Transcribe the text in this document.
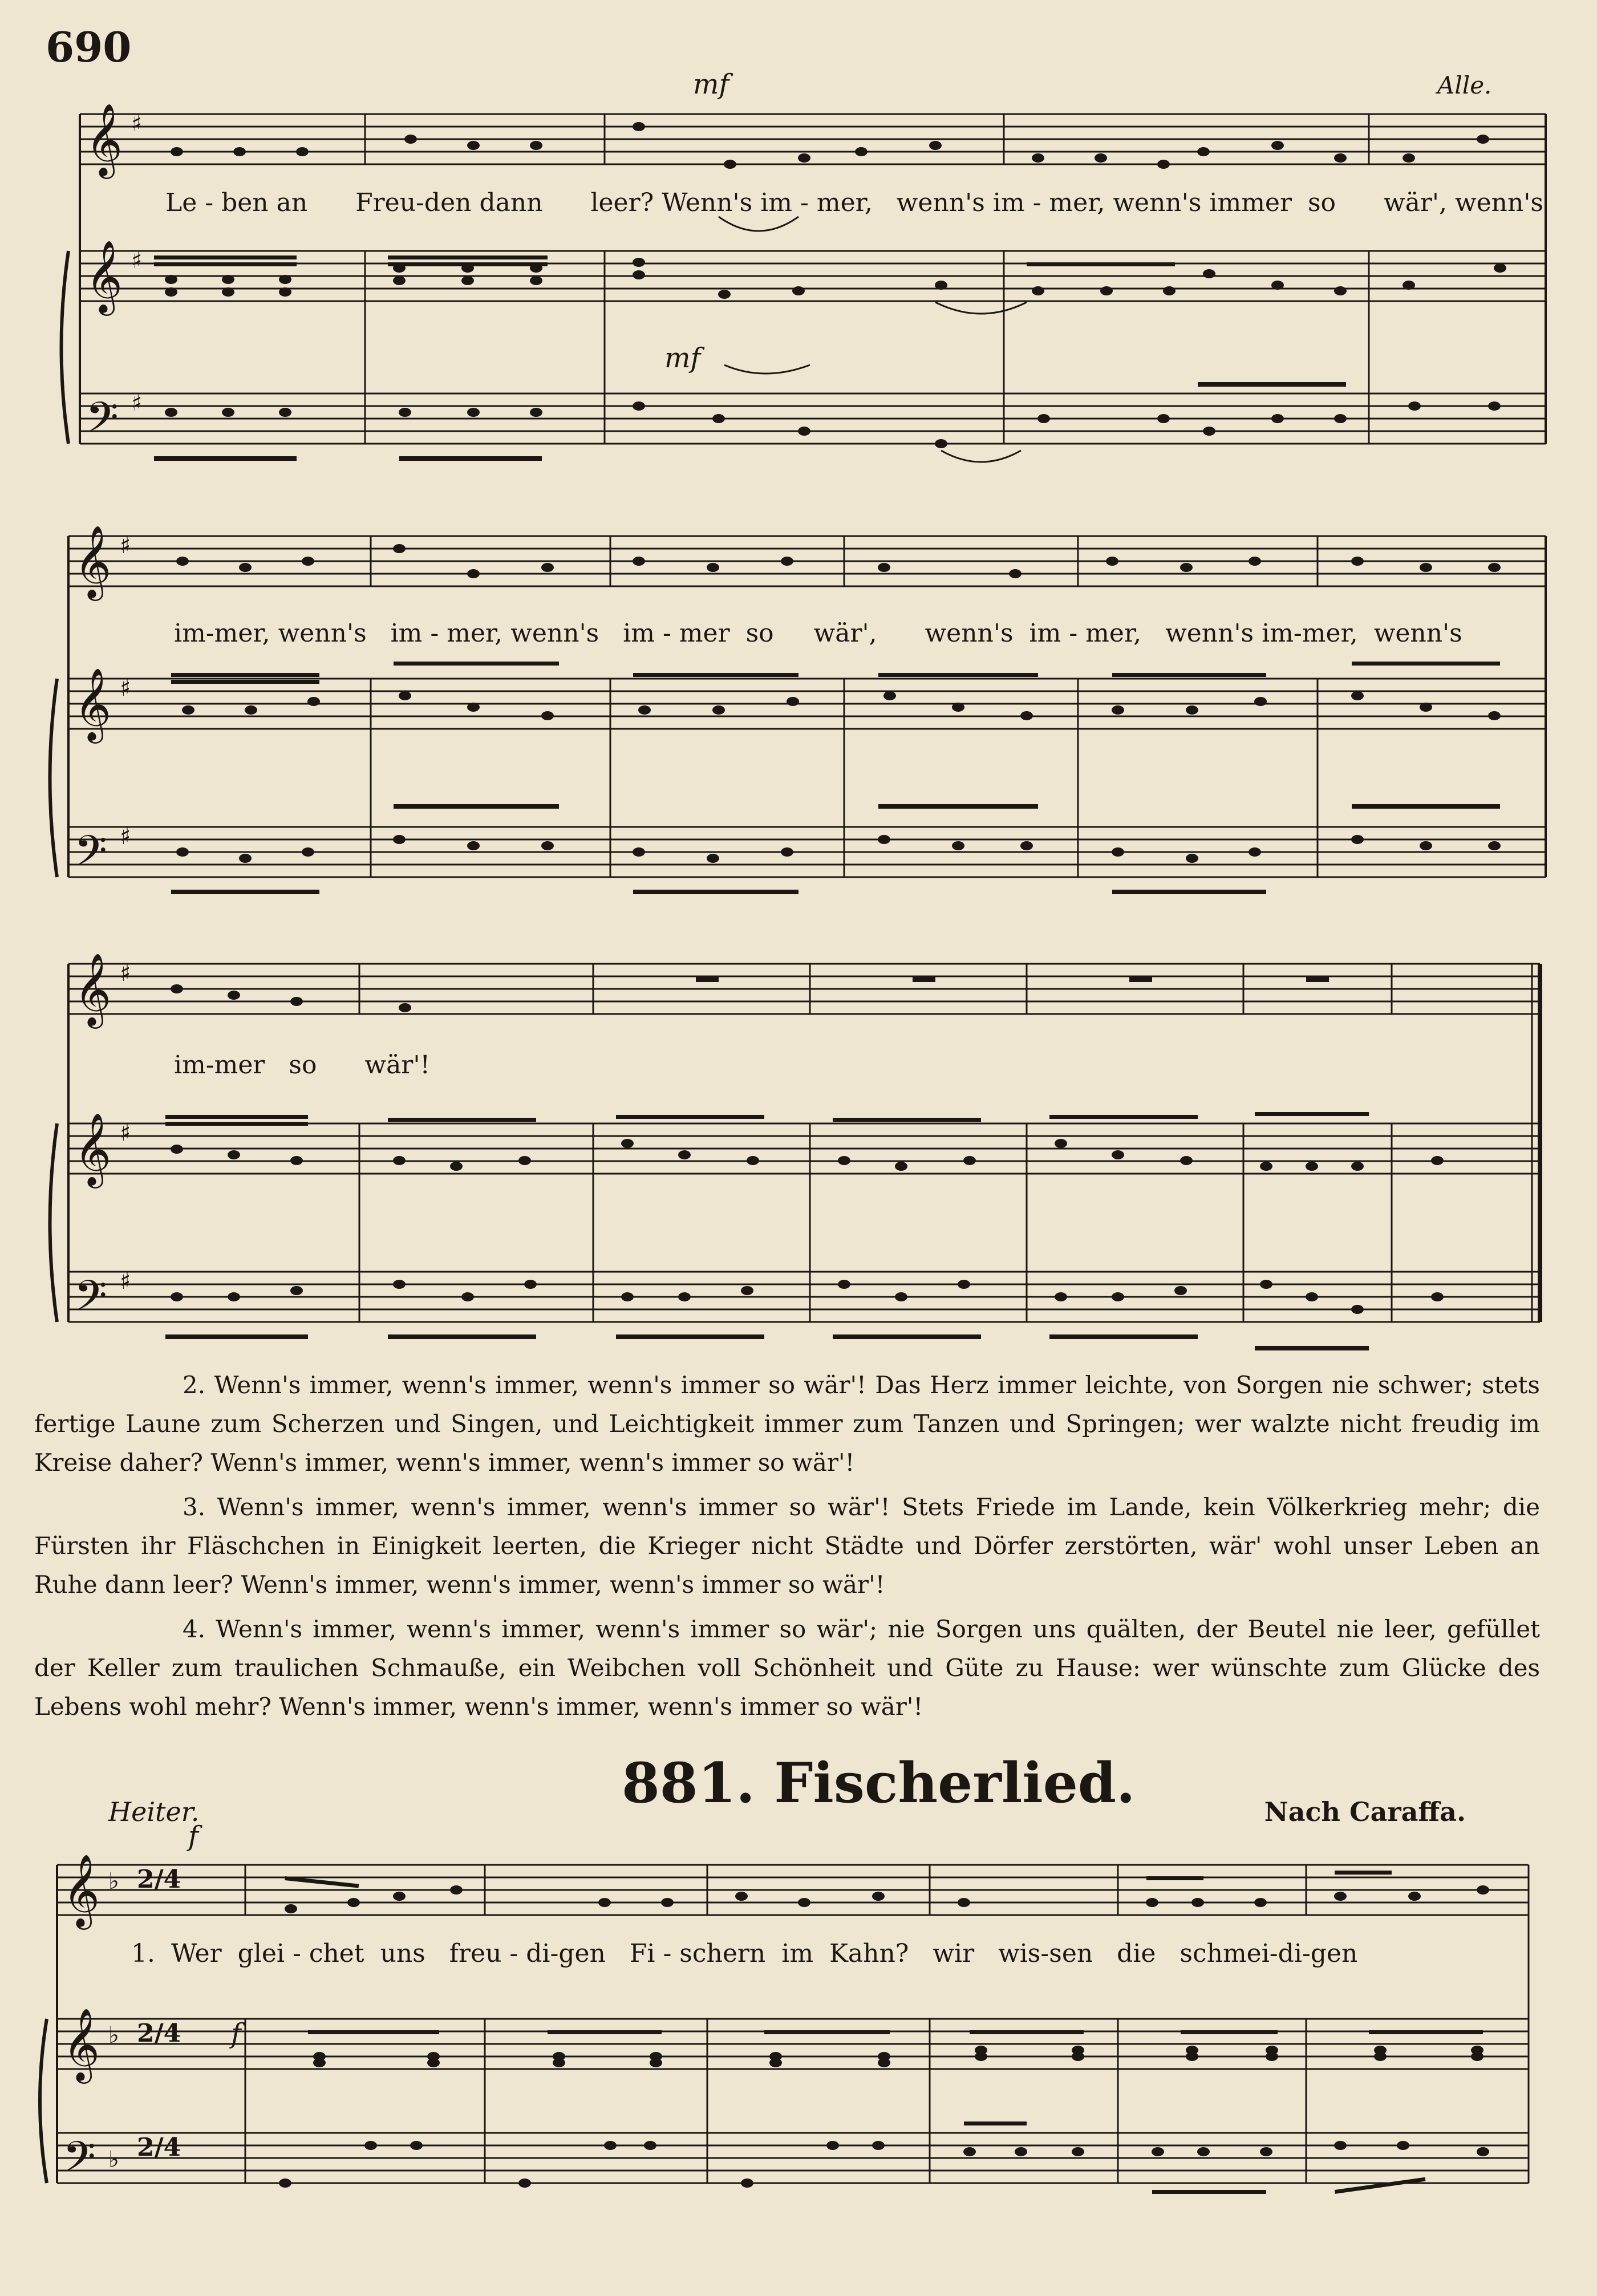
690
mf	Alle.
𝄞
𝄞
𝄢
♯
♯
♯
mf
Le - ben an      Freu-den dann      leer? Wenn's im - mer,   wenn's im - mer, wenn's immer  so      wär', wenn's
𝄞
𝄞
𝄢
♯
♯
♯
im-mer, wenn's   im - mer, wenn's   im - mer  so     wär',      wenn's  im - mer,   wenn's im-mer,  wenn's
𝄞
𝄞
𝄢
♯
♯
♯
im-mer   so      wär'!

2. Wenn's immer, wenn's immer, wenn's immer so wär'! Das Herz immer leichte, von Sorgen nie schwer; stets fertige Laune zum Scherzen und Singen, und Leichtigkeit immer zum Tanzen und Springen; wer walzte nicht freudig im Kreise daher? Wenn's immer, wenn's immer, wenn's immer so wär'!

3. Wenn's immer, wenn's immer, wenn's immer so wär'! Stets Friede im Lande, kein Völkerkrieg mehr; die Fürsten ihr Fläschchen in Einigkeit leerten, die Krieger nicht Städte und Dörfer zerstörten, wär' wohl unser Leben an Ruhe dann leer? Wenn's immer, wenn's immer, wenn's immer so wär'!

4. Wenn's immer, wenn's immer, wenn's immer so wär'; nie Sorgen uns quälten, der Beutel nie leer, gefüllet der Keller zum traulichen Schmauße, ein Weibchen voll Schönheit und Güte zu Hause: wer wünschte zum Glücke des Lebens wohl mehr? Wenn's immer, wenn's immer, wenn's immer so wär'!

881. Fischerlied.
Heiter.	Nach Caraffa.
f
𝄞
𝄞
𝄢
♭
♭
♭
2/4
2/4
2/4
f
1.  Wer  glei - chet  uns   freu - di-gen   Fi - schern  im  Kahn?   wir   wis-sen   die   schmei-di-gen
